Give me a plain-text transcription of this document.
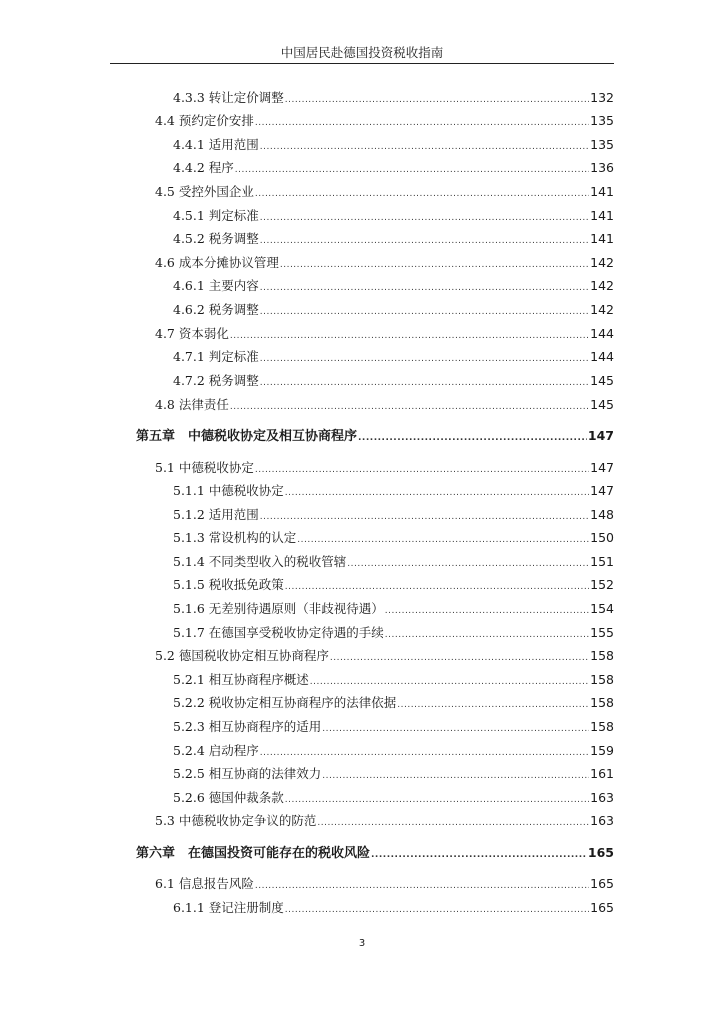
中国居民赴德国投资税收指南
4.3.3 转让定价调整 .....	132
4.4 预约定价安排 .....	135
4.4.1 适用范围 .....	135
4.4.2 程序 .....	136
4.5 受控外国企业 .....	141
4.5.1 判定标准 .....	141
4.5.2 税务调整 .....	141
4.6 成本分摊协议管理 .....	142
4.6.1 主要内容 .....	142
4.6.2 税务调整 .....	142
4.7 资本弱化 .....	144
4.7.1 判定标准 .....	144
4.7.2 税务调整 .....	145
4.8 法律责任 .....	145
第五章　中德税收协定及相互协商程序 .....	147
5.1 中德税收协定 .....	147
5.1.1 中德税收协定 .....	147
5.1.2 适用范围 .....	148
5.1.3 常设机构的认定 .....	150
5.1.4 不同类型收入的税收管辖 .....	151
5.1.5 税收抵免政策 .....	152
5.1.6 无差别待遇原则（非歧视待遇） .....	154
5.1.7 在德国享受税收协定待遇的手续 .....	155
5.2 德国税收协定相互协商程序 .....	158
5.2.1 相互协商程序概述 .....	158
5.2.2 税收协定相互协商程序的法律依据 .....	158
5.2.3 相互协商程序的适用 .....	158
5.2.4 启动程序 .....	159
5.2.5 相互协商的法律效力 .....	161
5.2.6 德国仲裁条款 .....	163
5.3 中德税收协定争议的防范 .....	163
第六章　在德国投资可能存在的税收风险 .....	165
6.1 信息报告风险 .....	165
6.1.1 登记注册制度 .....	165
3
